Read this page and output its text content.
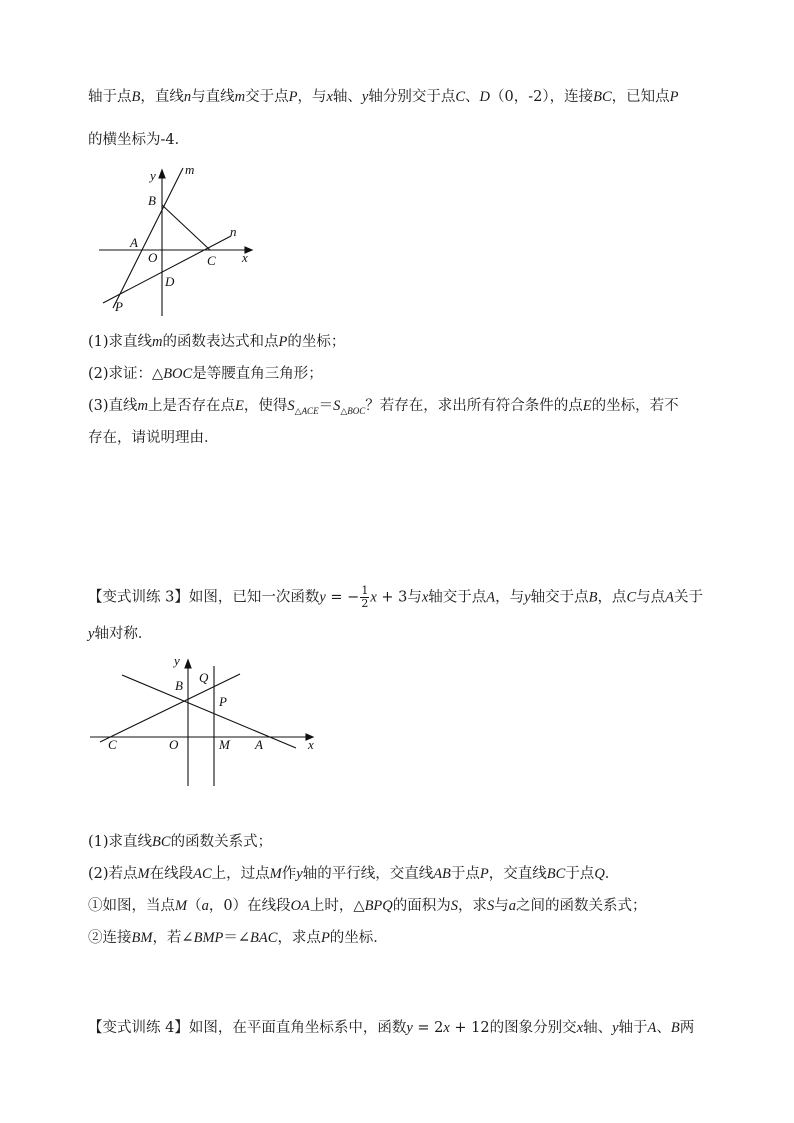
轴于点B，直线n与直线m交于点P，与x轴、y轴分别交于点C、D（0，-2），连接BC，已知点P
的横坐标为-4．
m
n
x
y
B
A
O	C
D
P
(1)求直线m的函数表达式和点P的坐标；
(2)求证：△BOC是等腰直角三角形；
(3)直线m上是否存在点E，使得$S_{\triangle ACE}=S_{\triangle BOC}$？若存在，求出所有符合条件的点E的坐标，若不
存在，请说明理由．
【变式训练 3】如图，已知一次函数y = − $\frac{1}{2}$ x + 3与x轴交于点A，与y轴交于点B，点C与点A关于
y轴对称．
y
B
Q
P
C	O	M A	x
(1)求直线BC的函数关系式；
(2)若点M在线段AC上，过点M作y轴的平行线，交直线AB于点P，交直线BC于点Q．
①如图，当点M（a，0）在线段OA上时，△BPQ的面积为S，求S与a之间的函数关系式；
②连接BM，若∠BMP＝∠BAC，求点P的坐标．
【变式训练 4】如图，在平面直角坐标系中，函数y = 2x + 12的图象分别交x轴、y轴于A、B两
